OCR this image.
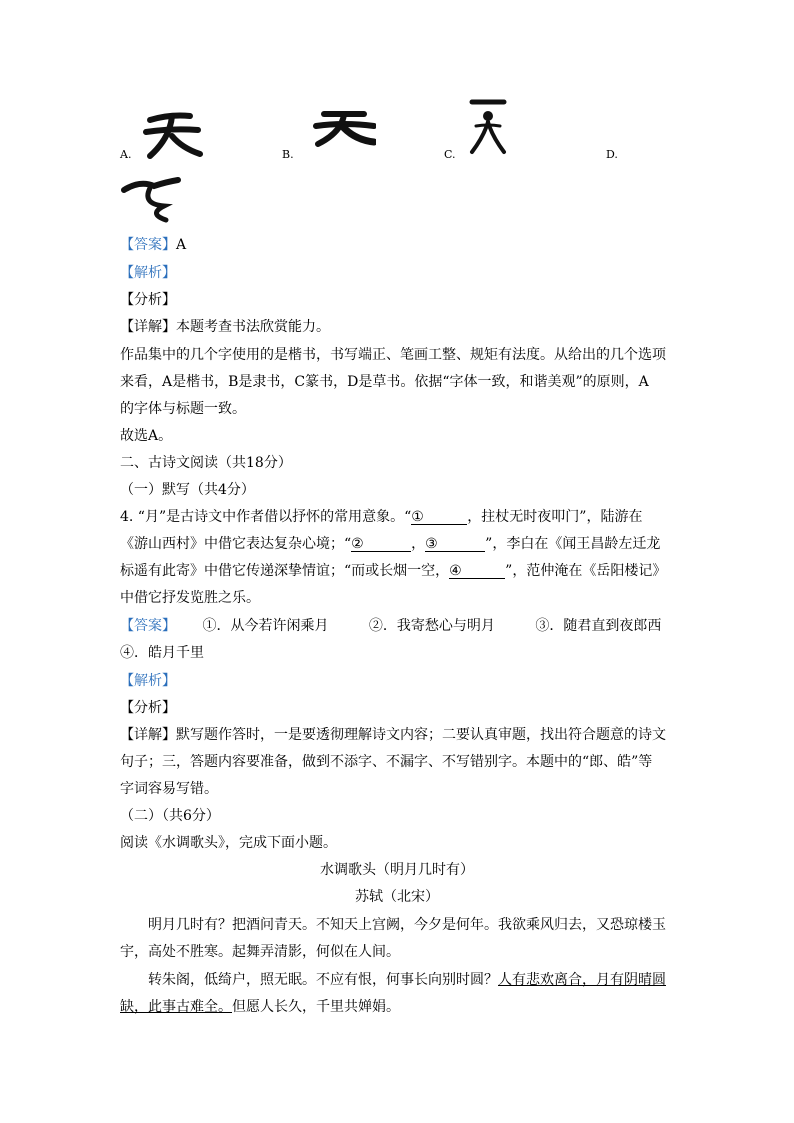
A.	B.	C.	D.
【答案】A
【解析】
【分析】
【详解】本题考查书法欣赏能力。
作品集中的几个字使用的是楷书，书写端正、笔画工整、规矩有法度。从给出的几个选项
来看，A是楷书，B是隶书，C篆书，D是草书。依据“字体一致，和谐美观”的原则，A
的字体与标题一致。
故选A。
二、古诗文阅读（共18分）
（一）默写（共4分）
4. “月”是古诗文中作者借以抒怀的常用意象。“①	，拄杖无时夜叩门”，陆游在
《游山西村》中借它表达复杂心境；“②	，③	”，李白在《闻王昌龄左迁龙
标遥有此寄》中借它传递深挚情谊；“而或长烟一空，④	”，范仲淹在《岳阳楼记》
中借它抒发览胜之乐。
【答案】 ①．从今若许闲乘月	②．我寄愁心与明月	③．随君直到夜郎西
④．皓月千里
【解析】
【分析】
【详解】默写题作答时，一是要透彻理解诗文内容；二要认真审题，找出符合题意的诗文
句子；三，答题内容要准备，做到不添字、不漏字、不写错别字。本题中的“郎、皓”等
字词容易写错。
（二）（共6分）
阅读《水调歌头》，完成下面小题。
水调歌头（明月几时有）
苏轼（北宋）
明月几时有？把酒问青天。不知天上宫阙，今夕是何年。我欲乘风归去，又恐琼楼玉
宇，高处不胜寒。起舞弄清影，何似在人间。
转朱阁，低绮户，照无眠。不应有恨，何事长向别时圆？人有悲欢离合，月有阴晴圆
缺，此事古难全。但愿人长久，千里共婵娟。
